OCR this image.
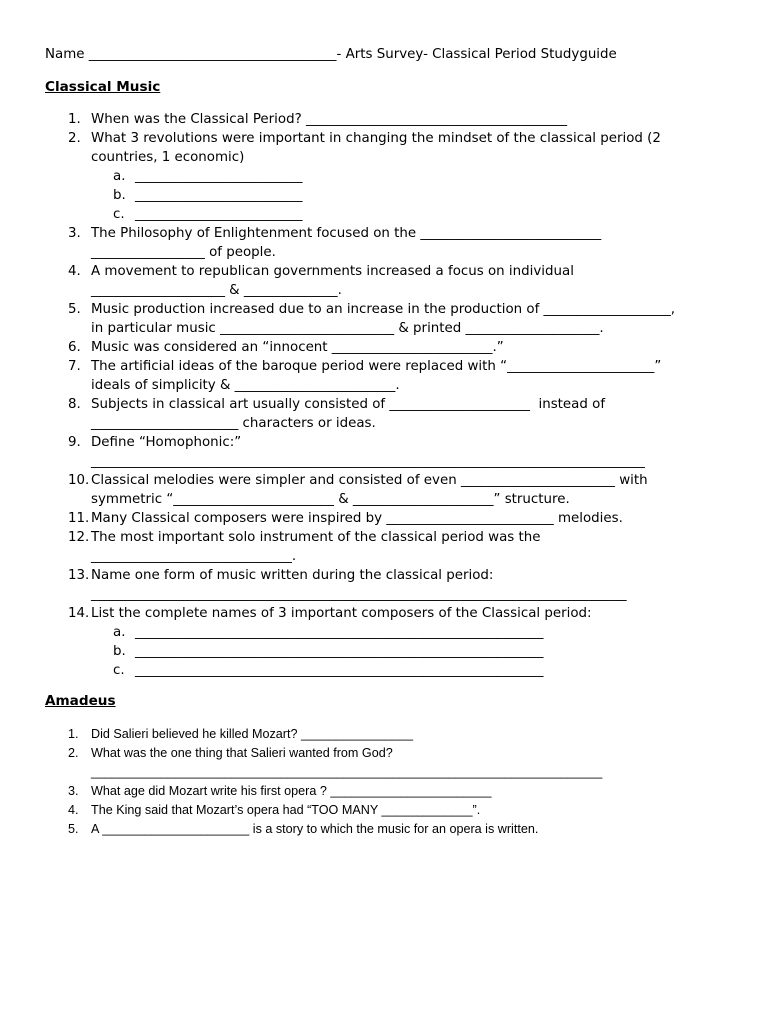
Name _____________________________________- Arts Survey- Classical Period Studyguide
Classical Music
1. When was the Classical Period? _______________________________________
2. What 3 revolutions were important in changing the mindset of the classical period (2
countries, 1 economic)
a. _________________________
b. _________________________
c. _________________________
3. The Philosophy of Enlightenment focused on the ___________________________
_________________ of people.
4. A movement to republican governments increased a focus on individual
____________________ & ______________.
5. Music production increased due to an increase in the production of ___________________,
in particular music __________________________ & printed ____________________.
6. Music was considered an “innocent ________________________.”
7. The artificial ideas of the baroque period were replaced with “______________________”
ideals of simplicity & ________________________.
8. Subjects in classical art usually consisted of _____________________  instead of
______________________ characters or ideas.
9. Define “Homophonic:”
____________________________________________________________________________________
10. Classical melodies were simpler and consisted of even _______________________ with
symmetric “________________________ & _____________________” structure.
11. Many Classical composers were inspired by _________________________ melodies.
12. The most important solo instrument of the classical period was the
______________________________.
13. Name one form of music written during the classical period:
________________________________________________________________________________
14. List the complete names of 3 important composers of the Classical period:
a. _____________________________________________________________
b. _____________________________________________________________
c. _____________________________________________________________
Amadeus
1. Did Salieri believed he killed Mozart? ________________
2. What was the one thing that Salieri wanted from God?
_________________________________________________________________________
3. What age did Mozart write his first opera ? _______________________
4. The King said that Mozart’s opera had “TOO MANY _____________”.
5. A _____________________ is a story to which the music for an opera is written.
